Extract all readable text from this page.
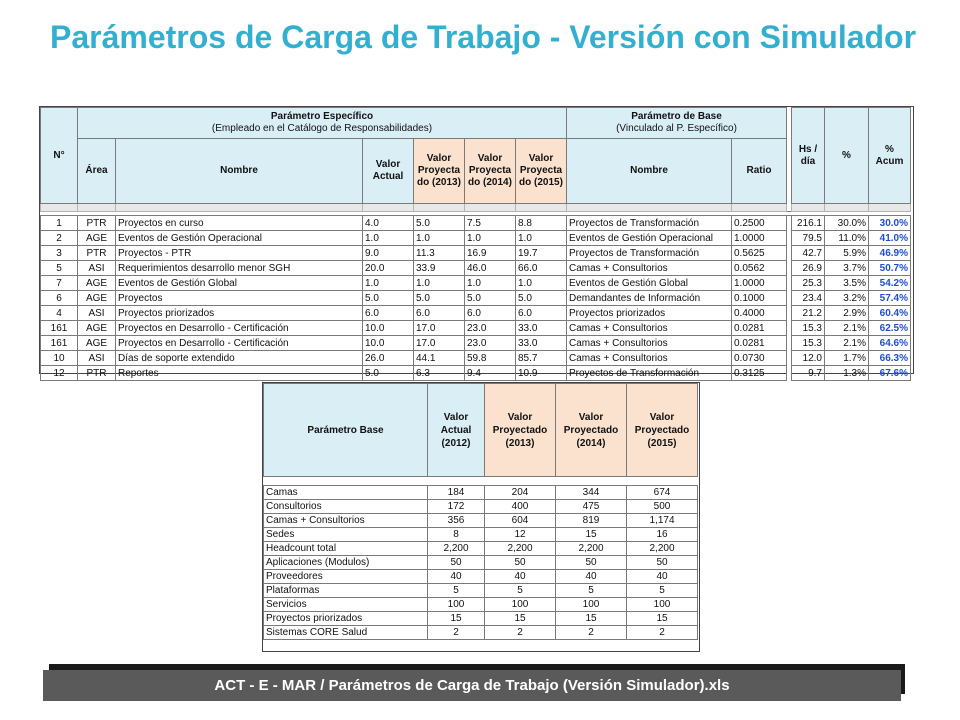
Parámetros de Carga de Trabajo - Versión con Simulador
N°	Parámetro Específico
(Empleado en el Catálogo de Responsabilidades)						Parámetro de Base
(Vinculado al P. Específico)			Hs / día	%	% Acum
	Área	Nombre	Valor Actual	Valor Proyecta do (2013)	Valor Proyecta do (2014)	Valor Proyecta do (2015)	Nombre	Ratio				

1	PTR	Proyectos en curso	4.0	5.0	7.5	8.8	Proyectos de Transformación	0.2500		216.1	30.0%	30.0%
2	AGE	Eventos de Gestión Operacional	1.0	1.0	1.0	1.0	Eventos de Gestión Operacional	1.0000		79.5	11.0%	41.0%
3	PTR	Proyectos - PTR	9.0	11.3	16.9	19.7	Proyectos de Transformación	0.5625		42.7	5.9%	46.9%
5	ASI	Requerimientos desarrollo menor SGH	20.0	33.9	46.0	66.0	Camas + Consultorios	0.0562		26.9	3.7%	50.7%
7	AGE	Eventos de Gestión Global	1.0	1.0	1.0	1.0	Eventos de Gestión Global	1.0000		25.3	3.5%	54.2%
6	AGE	Proyectos	5.0	5.0	5.0	5.0	Demandantes de Información	0.1000		23.4	3.2%	57.4%
4	ASI	Proyectos priorizados	6.0	6.0	6.0	6.0	Proyectos priorizados	0.4000		21.2	2.9%	60.4%
161	AGE	Proyectos en Desarrollo - Certificación	10.0	17.0	23.0	33.0	Camas + Consultorios	0.0281		15.3	2.1%	62.5%
161	AGE	Proyectos en Desarrollo - Certificación	10.0	17.0	23.0	33.0	Camas + Consultorios	0.0281		15.3	2.1%	64.6%
10	ASI	Días de soporte extendido	26.0	44.1	59.8	85.7	Camas + Consultorios	0.0730		12.0	1.7%	66.3%
12	PTR	Reportes	5.0	6.3	9.4	10.9	Proyectos de Transformación	0.3125		9.7	1.3%	67.6%
Parámetro Base	Valor Actual (2012)	Valor Proyectado (2013)	Valor Proyectado (2014)	Valor Proyectado (2015)

Camas	184	204	344	674
Consultorios	172	400	475	500
Camas + Consultorios	356	604	819	1,174
Sedes	8	12	15	16
Headcount total	2,200	2,200	2,200	2,200
Aplicaciones (Modulos)	50	50	50	50
Proveedores	40	40	40	40
Plataformas	5	5	5	5
Servicios	100	100	100	100
Proyectos priorizados	15	15	15	15
Sistemas CORE Salud	2	2	2	2
ACT - E - MAR / Parámetros de Carga de Trabajo (Versión Simulador).xls
